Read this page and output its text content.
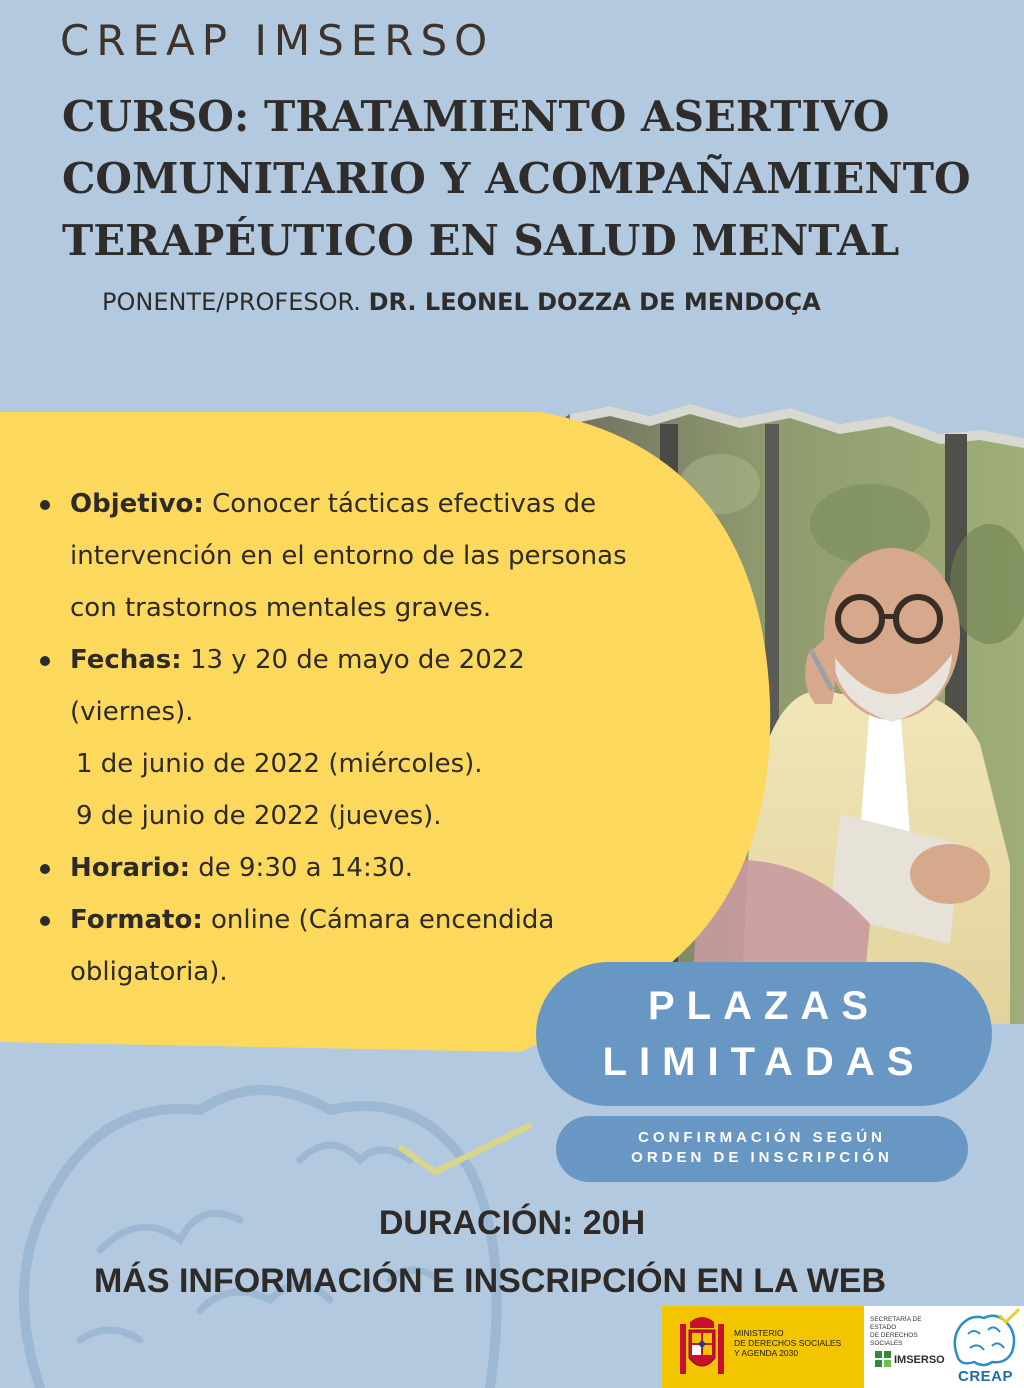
CREAP IMSERSO
CURSO: TRATAMIENTO ASERTIVO
COMUNITARIO Y ACOMPAÑAMIENTO
TERAPÉUTICO EN SALUD MENTAL
PONENTE/PROFESOR. DR. LEONEL DOZZA DE MENDOÇA
Objetivo: Conocer tácticas efectivas de
intervención en el entorno de las personas
con trastornos mentales graves.
Fechas: 13 y 20 de mayo de 2022
(viernes).
1 de junio de 2022 (miércoles).
9 de junio de 2022 (jueves).
Horario: de 9:30 a 14:30.
Formato: online (Cámara encendida
obligatoria).
PLAZAS
LIMITADAS
CONFIRMACIÓN SEGÚN
ORDEN DE INSCRIPCIÓN
DURACIÓN: 20H
MÁS INFORMACIÓN E INSCRIPCIÓN EN LA WEB
MINISTERIO
DE DERECHOS SOCIALES
Y AGENDA 2030
SECRETARÍA DE ESTADO
DE DERECHOS SOCIALES
IMSERSO
CREAP
